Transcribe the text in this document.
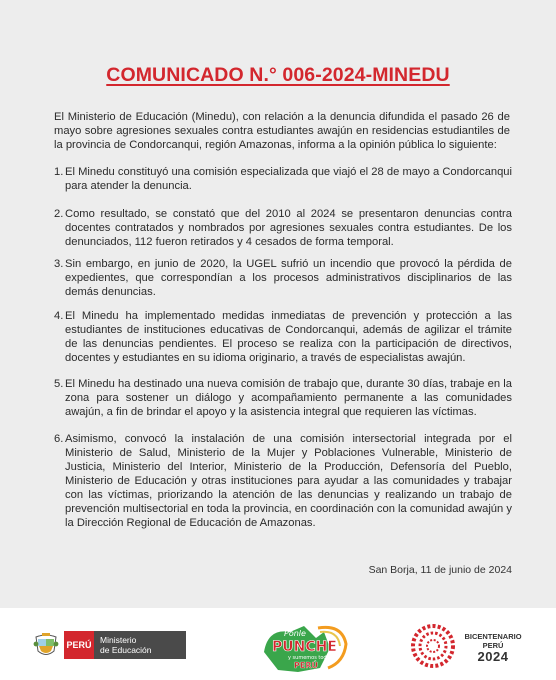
COMUNICADO N.° 006-2024-MINEDU
El Ministerio de Educación (Minedu), con relación a la denuncia difundida el pasado 26 de mayo sobre agresiones sexuales contra estudiantes awajún en residencias estudiantiles de la provincia de Condorcanqui, región Amazonas, informa a la opinión pública lo siguiente:
1. El Minedu constituyó una comisión especializada que viajó el 28 de mayo a Condorcanqui para atender la denuncia.
2. Como resultado, se constató que del 2010 al 2024 se presentaron denuncias contra docentes contratados y nombrados por agresiones sexuales contra estudiantes. De los denunciados, 112 fueron retirados y 4 cesados de forma temporal.
3. Sin embargo, en junio de 2020, la UGEL sufrió un incendio que provocó la pérdida de expedientes, que correspondían a los procesos administrativos disciplinarios de las demás denuncias.
4. El Minedu ha implementado medidas inmediatas de prevención y protección a las estudiantes de instituciones educativas de Condorcanqui, además de agilizar el trámite de las denuncias pendientes. El proceso se realiza con la participación de directivos, docentes y estudiantes en su idioma originario, a través de especialistas awajún.
5. El Minedu ha destinado una nueva comisión de trabajo que, durante 30 días, trabaje en la zona para sostener un diálogo y acompañamiento permanente a las comunidades awajún, a fin de brindar el apoyo y la asistencia integral que requieren las víctimas.
6. Asimismo, convocó la instalación de una comisión intersectorial integrada por el Ministerio de Salud, Ministerio de la Mujer y Poblaciones Vulnerable, Ministerio de Justicia, Ministerio del Interior, Ministerio de la Producción, Defensoría del Pueblo, Ministerio de Educación y otras instituciones para ayudar a las comunidades y trabajar con las víctimas, priorizando la atención de las denuncias y realizando un trabajo de prevención multisectorial en toda la provincia, en coordinación con la comunidad awajún y la Dirección Regional de Educación de Amazonas.
San Borja, 11 de junio de 2024
PERÚ Ministerio
de Educación
Ponle
PUNCHE
y sumemos todos
PERÚ
BICENTENARIO
PERÚ
2024
